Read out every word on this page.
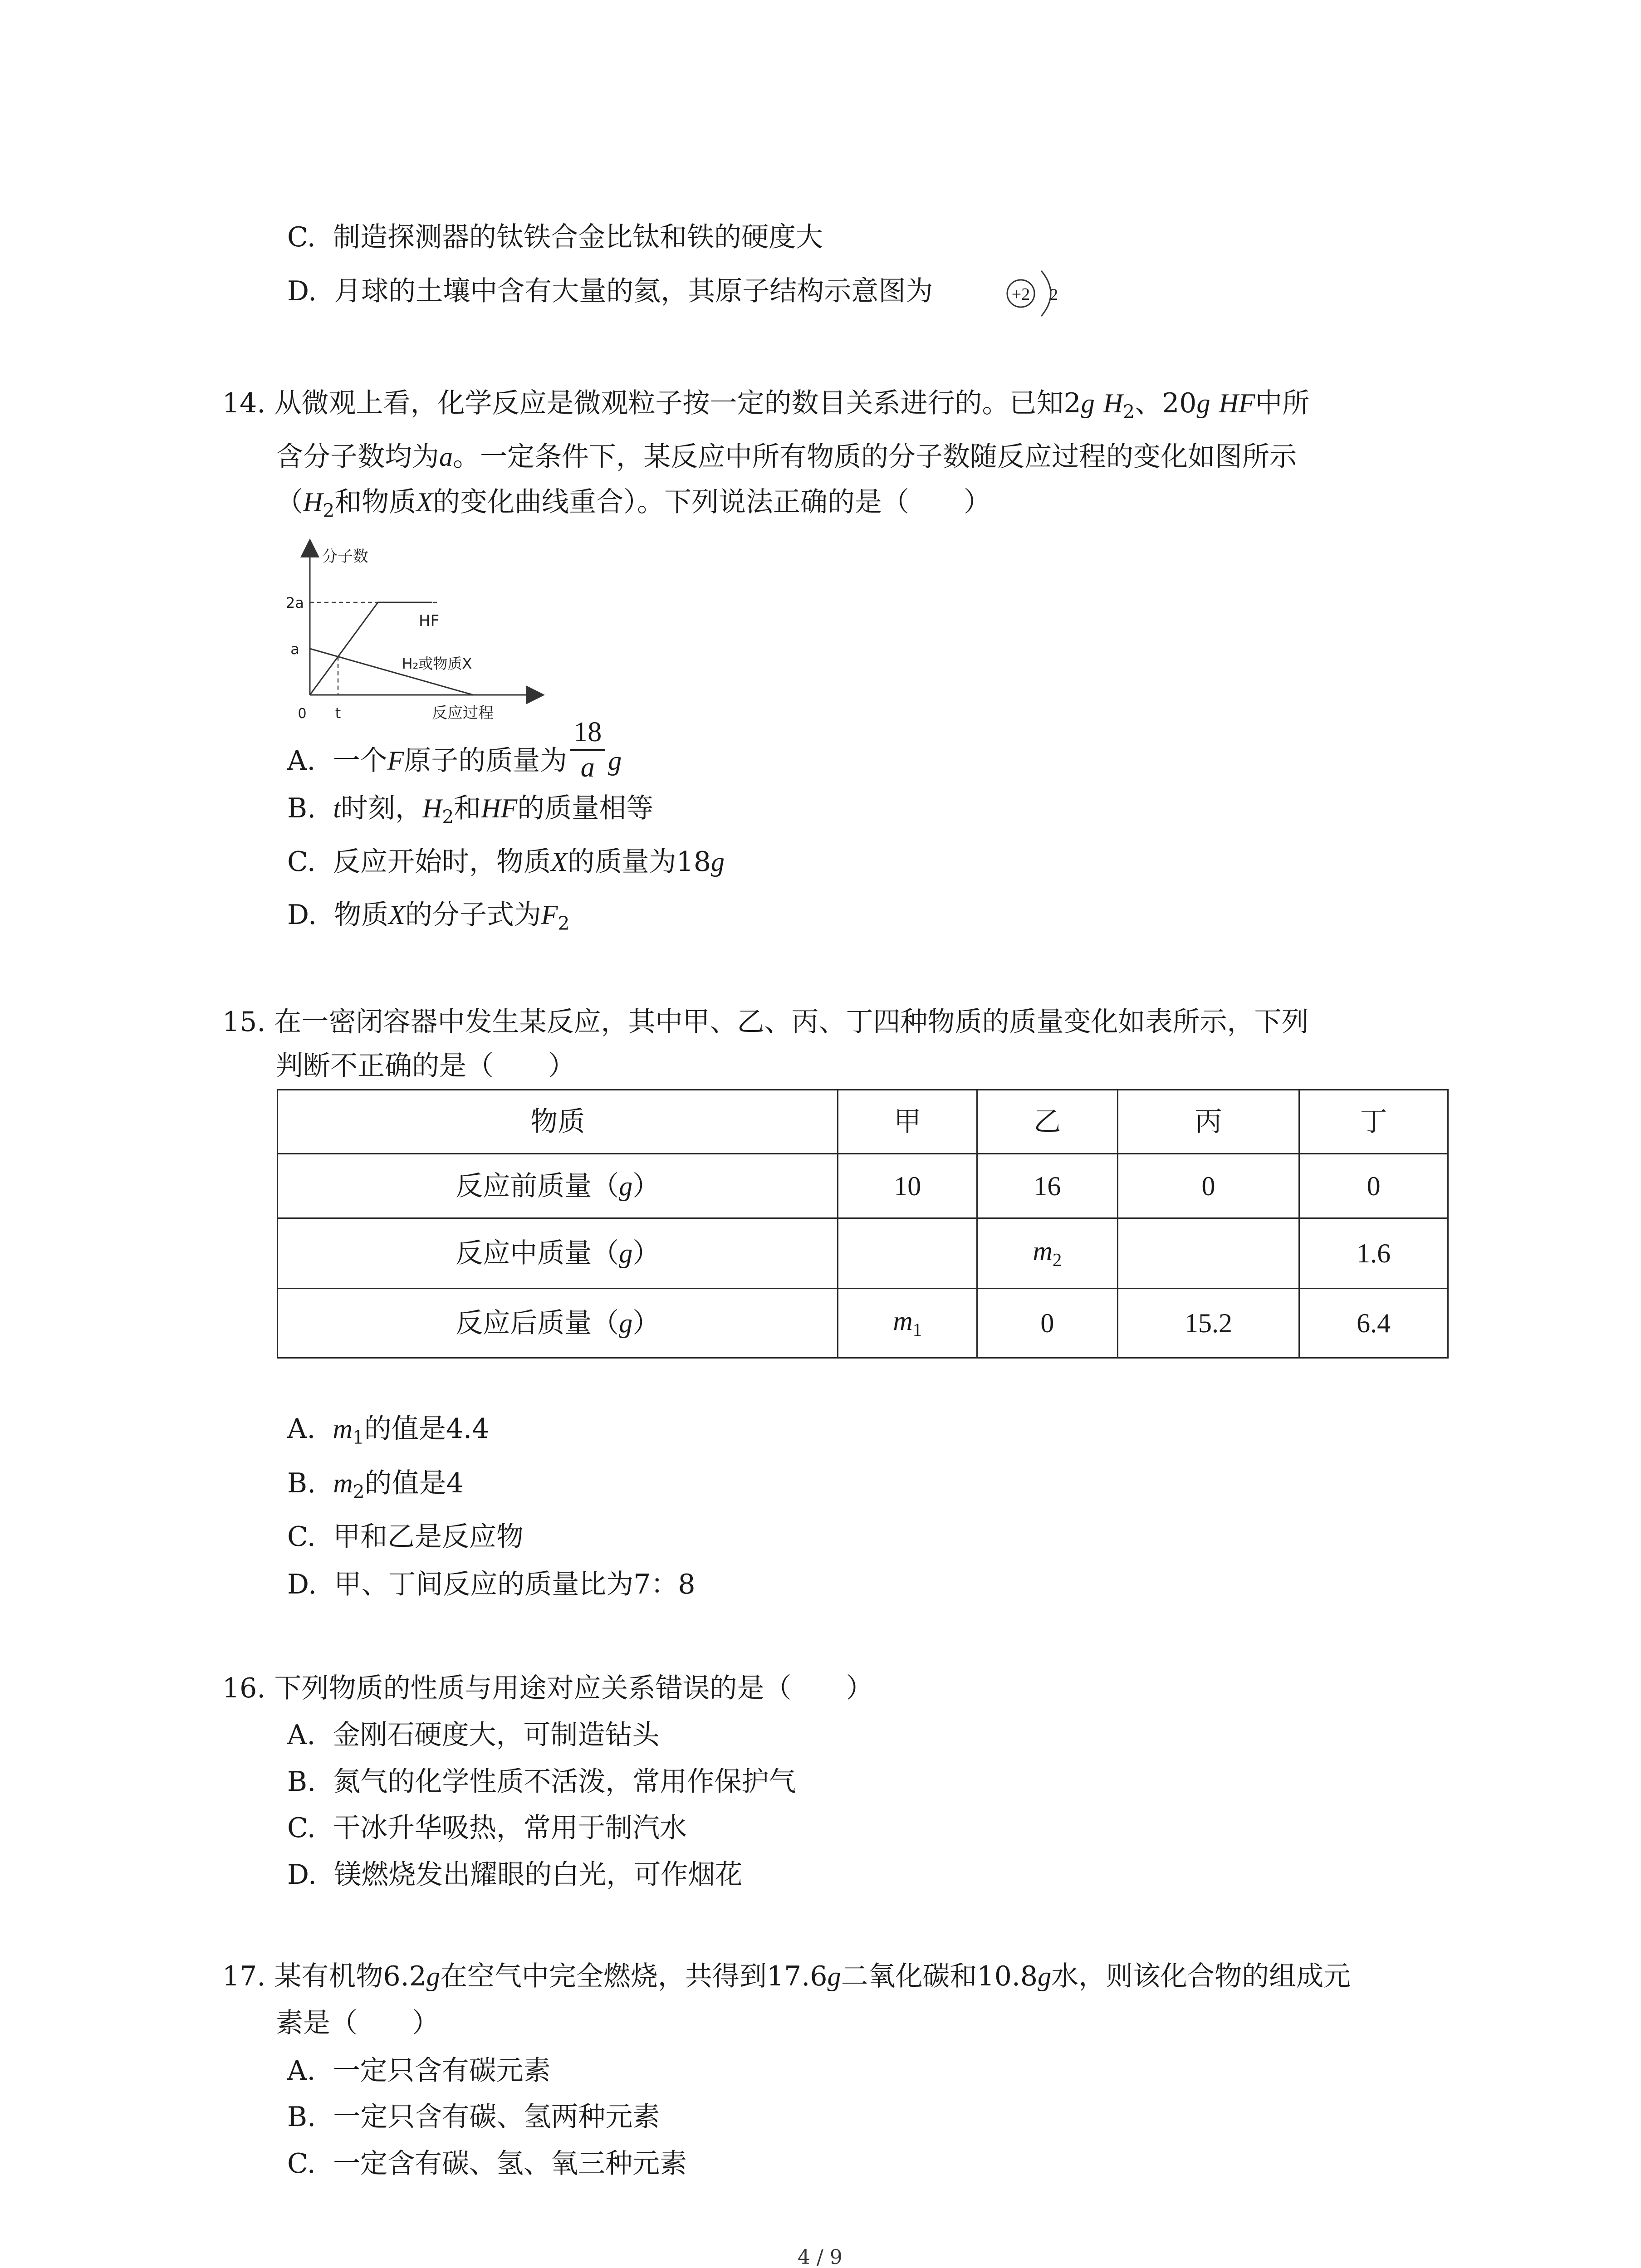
C. 制造探测器的钛铁合金比钛和铁的硬度大
D. 月球的土壤中含有大量的氦，其原子结构示意图为	+2 2
14. 从微观上看，化学反应是微观粒子按一定的数目关系进行的。已知2g $H_2$、20g HF中所
含分子数均为a。一定条件下，某反应中所有物质的分子数随反应过程的变化如图所示
（$H_2$和物质X的变化曲线重合）。下列说法正确的是（　　）
a
2a
t
HF
H₂或物质X
分子数
反应过程
0
A. 一个F原子的质量为 $\frac{18}{a}$ g
B. t时刻，$H_2$和HF的质量相等
C. 反应开始时，物质X的质量为18g
D. 物质X的分子式为$F_2$
15. 在一密闭容器中发生某反应，其中甲、乙、丙、丁四种物质的质量变化如表所示，下列
判断不正确的是（　　）
物质	甲	乙	丙	丁
反应前质量（g）	10	16	0	0
反应中质量（g）		$m_2$		1.6
反应后质量（g）	$m_1$	0	15.2	6.4
A. $m_1$的值是4.4
B. $m_2$的值是4
C. 甲和乙是反应物
D. 甲、丁间反应的质量比为7：8
16. 下列物质的性质与用途对应关系错误的是（　　）
A. 金刚石硬度大，可制造钻头
B. 氮气的化学性质不活泼，常用作保护气
C. 干冰升华吸热，常用于制汽水
D. 镁燃烧发出耀眼的白光，可作烟花
17. 某有机物6.2g在空气中完全燃烧，共得到17.6g二氧化碳和10.8g水，则该化合物的组成元
素是（　　）
A. 一定只含有碳元素
B. 一定只含有碳、氢两种元素
C. 一定含有碳、氢、氧三种元素
4 / 9
